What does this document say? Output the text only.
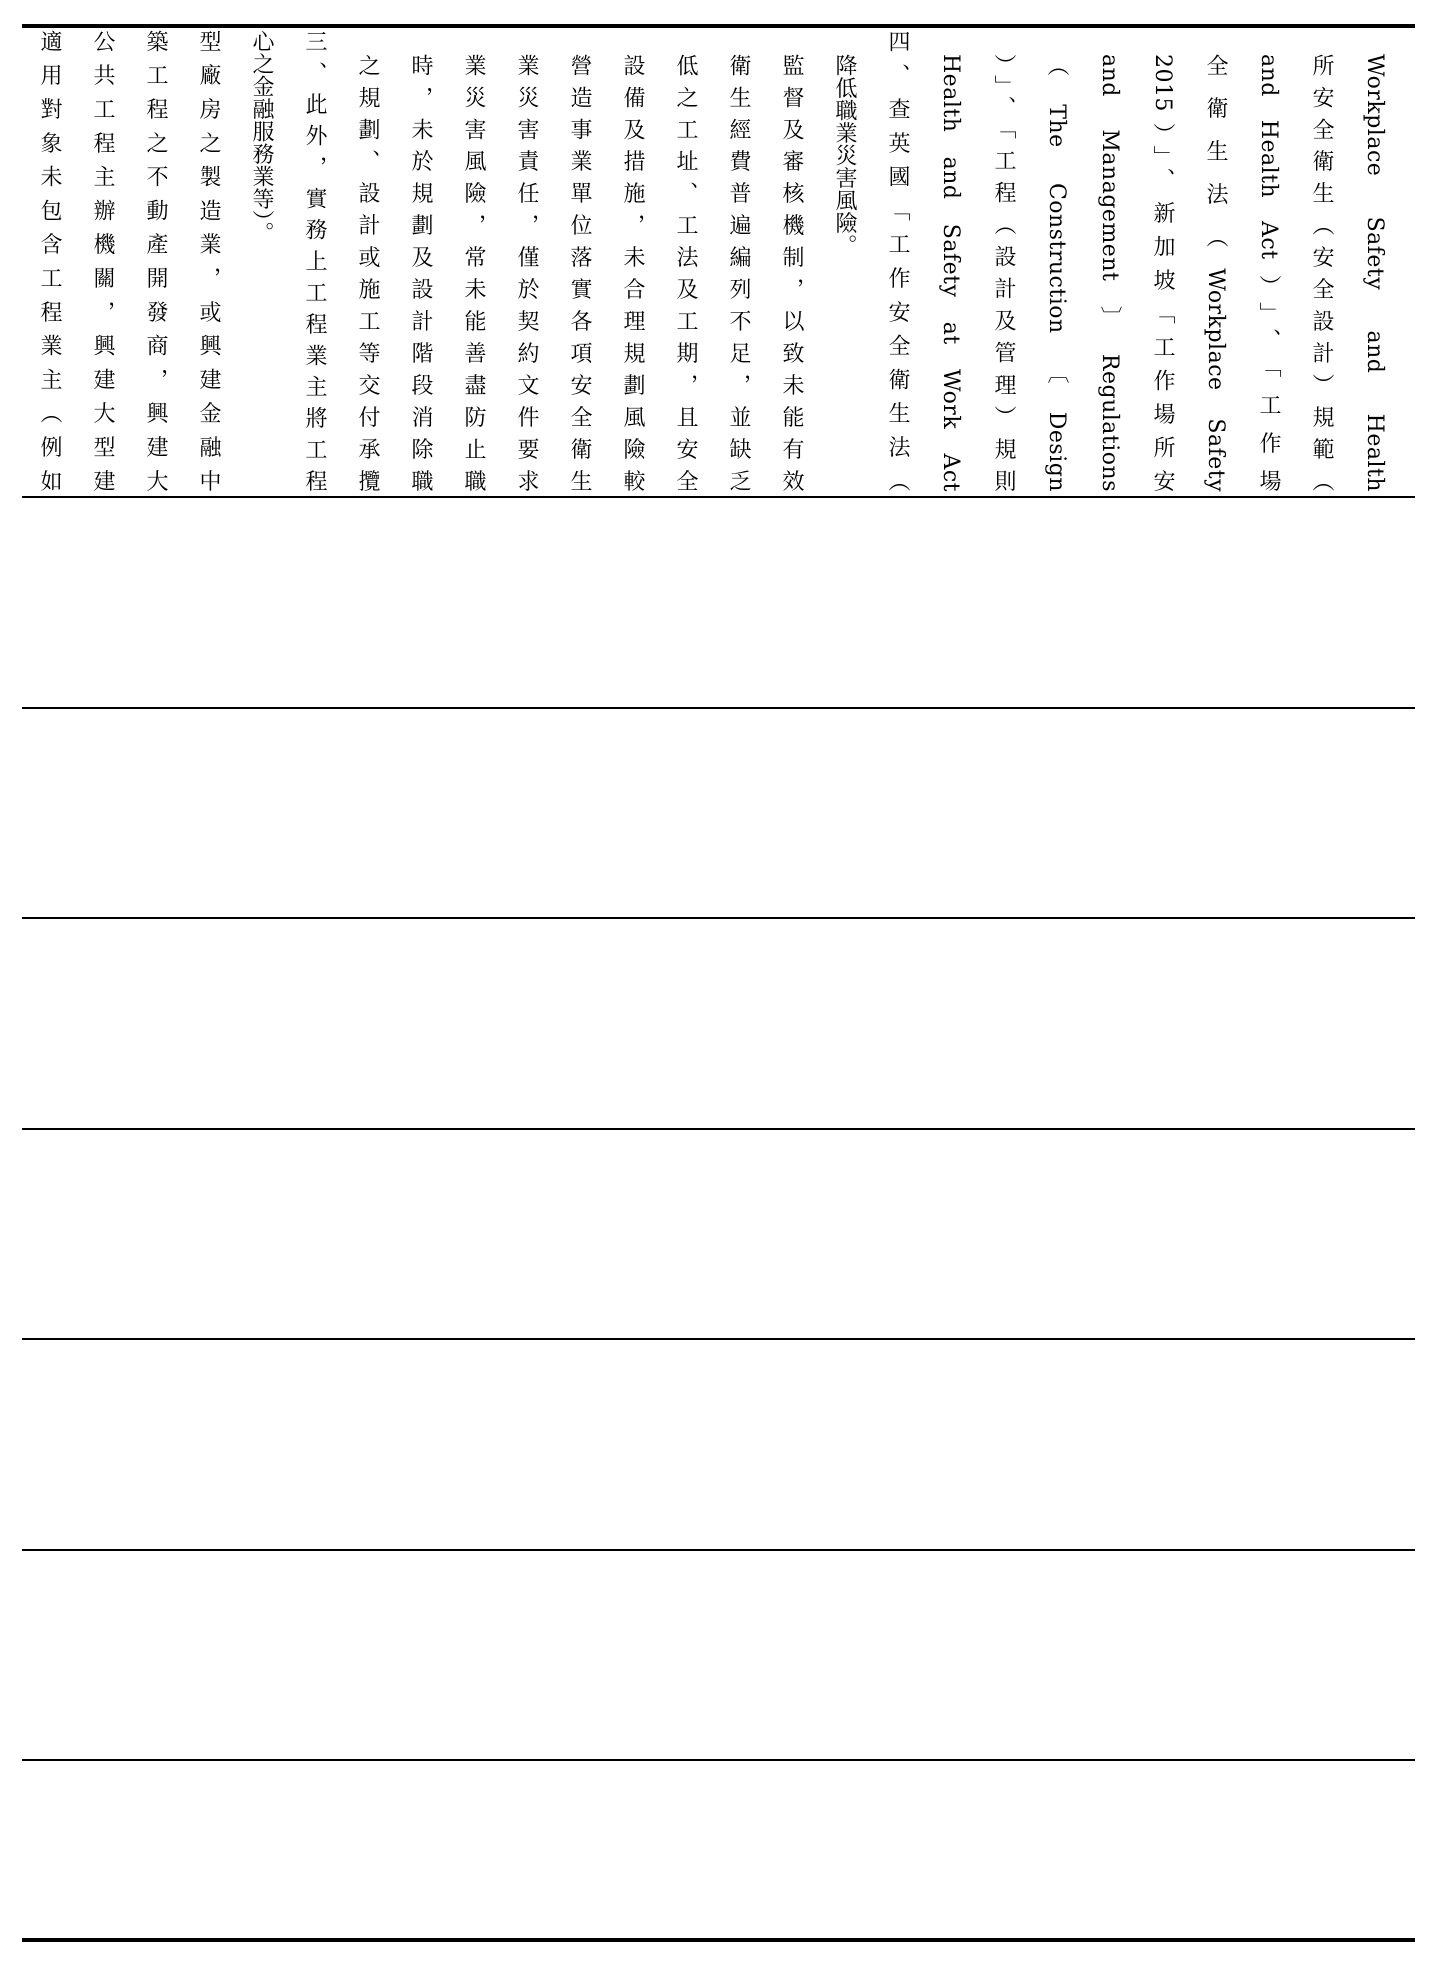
適用對象未包含工程業主（例如 公共工程主辦機關，興建大型建 築工程之不動產開發商，興建大 型廠房之製造業，或興建金融中 心之金融服務業等）。 三、此外，實務上工程業主將工程 之規劃、設計或施工等交付承攬 時，未於規劃及設計階段消除職 業災害風險，常未能善盡防止職 業災害責任，僅於契約文件要求 營造事業單位落實各項安全衛生 設備及措施，未合理規劃風險較 低之工址、工法及工期，且安全 衛生經費普遍編列不足，並缺乏 監督及審核機制，以致未能有效 降低職業災害風險。 四、查英國「工作安全衛生法（ Health and Safety at Work Act ）」、「工程（設計及管理）規則 （The Construction〔Design and Management〕Regulations 2015）」、新加坡「工作場所安 全衛生法（Workplace Safety and Health Act）」、「工作場 所安全衛生（安全設計）規範（ Workplace Safety and Health
